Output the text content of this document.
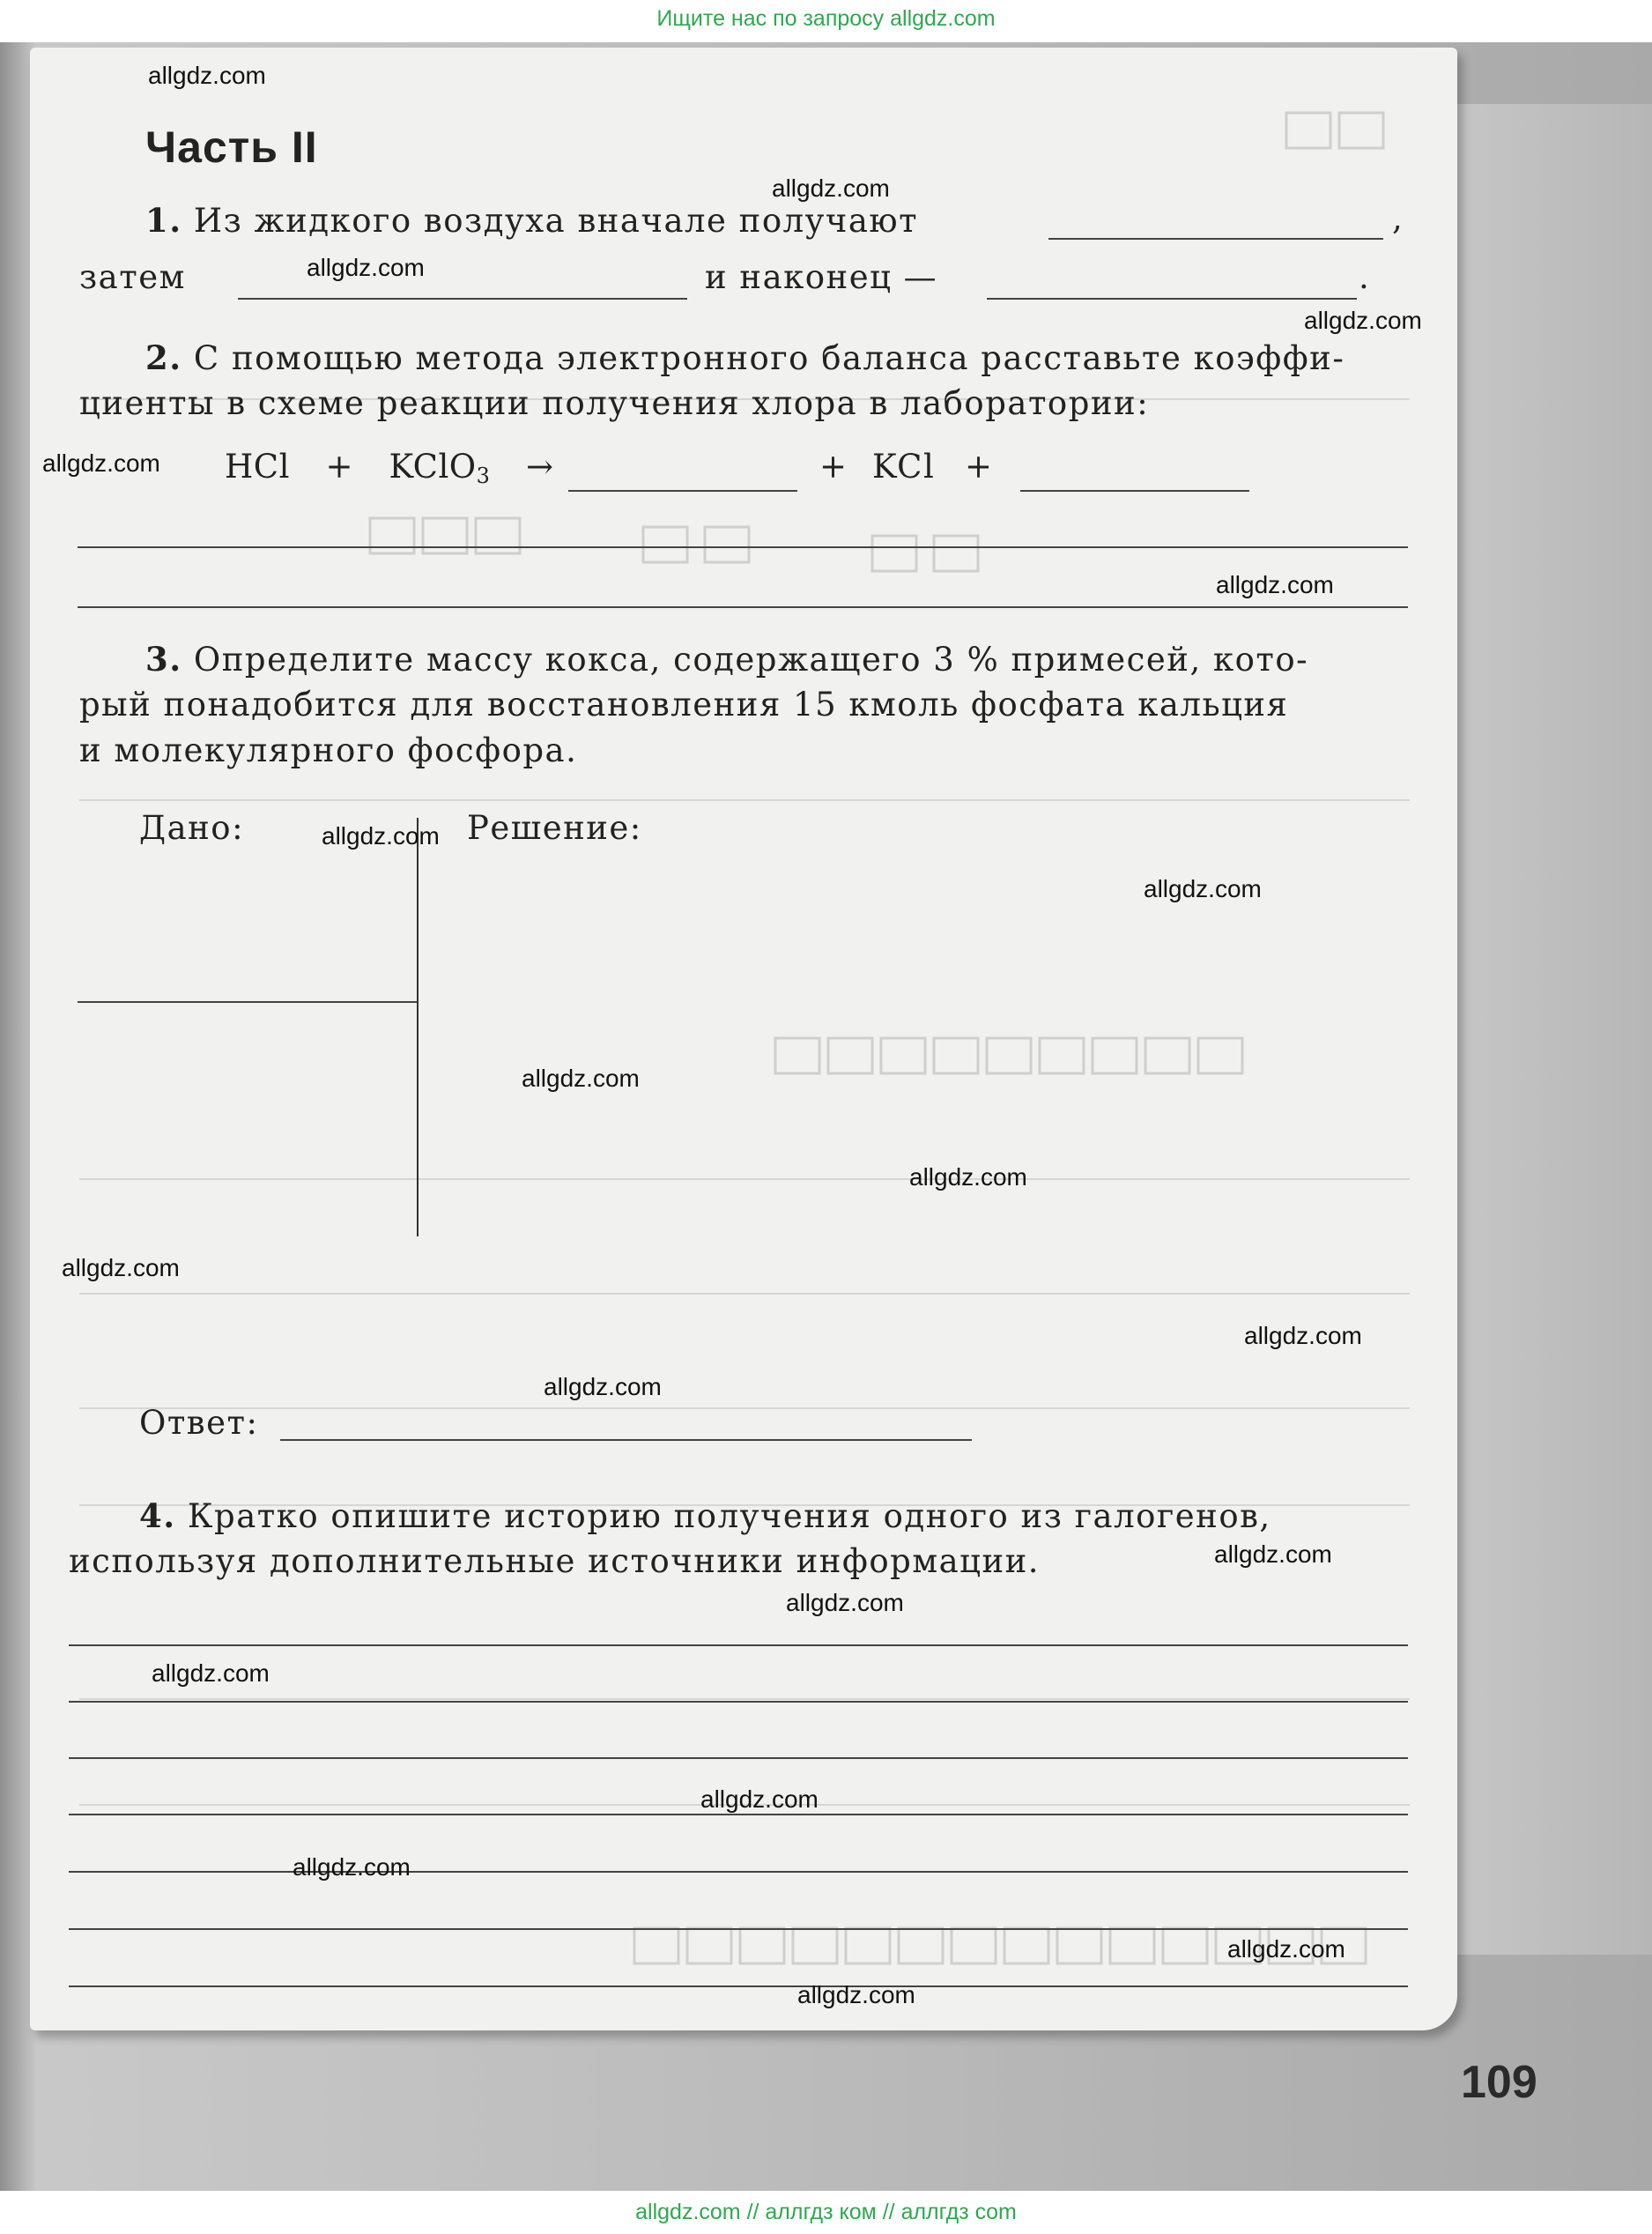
Ищите нас по запросу allgdz.com
Часть II
1. Из жидкого воздуха вначале получают	,
затем	и наконец —	.
2. С помощью метода электронного баланса расставьте коэффи-
циенты в схеме реакции получения хлора в лаборатории:
HCl + KClO$_3$ →	+ KCl +
3. Определите массу кокса, содержащего 3 % примесей, кото-
рый понадобится для восстановления 15 кмоль фосфата кальция
и молекулярного фосфора.
Дано:	Решение:
Ответ:
4. Кратко опишите историю получения одного из галогенов,
используя дополнительные источники информации.
109
allgdz.com
allgdz.com
allgdz.com
allgdz.com
allgdz.com
allgdz.com
allgdz.com
allgdz.com
allgdz.com
allgdz.com
allgdz.com
allgdz.com
allgdz.com
allgdz.com
allgdz.com
allgdz.com
allgdz.com
allgdz.com
allgdz.com
allgdz.com
allgdz.com // аллгдз ком // аллгдз com
